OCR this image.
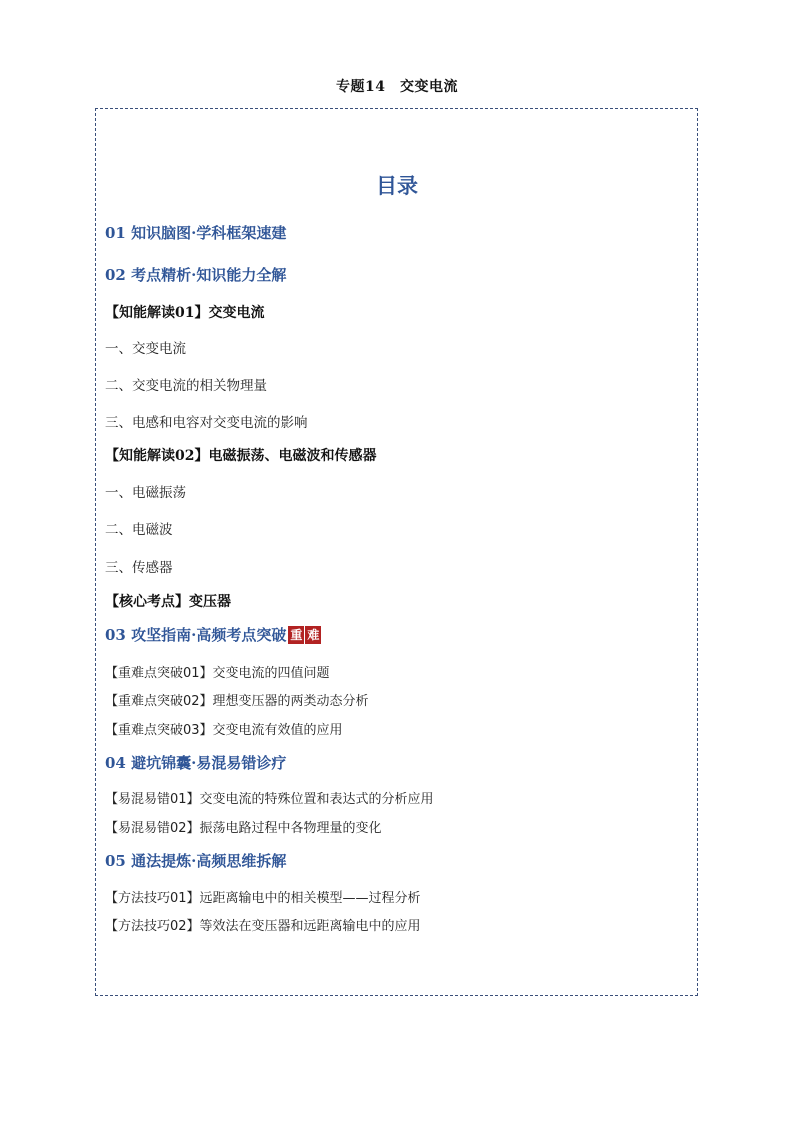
专题14　交变电流
目录
01 知识脑图·学科框架速建
02 考点精析·知识能力全解
【知能解读01】交变电流
一、交变电流
二、交变电流的相关物理量
三、电感和电容对交变电流的影响
【知能解读02】电磁振荡、电磁波和传感器
一、电磁振荡
二、电磁波
三、传感器
【核心考点】变压器
03 攻坚指南·高频考点突破 重 难
【重难点突破01】交变电流的四值问题
【重难点突破02】理想变压器的两类动态分析
【重难点突破03】交变电流有效值的应用
04 避坑锦囊·易混易错诊疗
【易混易错01】交变电流的特殊位置和表达式的分析应用
【易混易错02】振荡电路过程中各物理量的变化
05 通法提炼·高频思维拆解
【方法技巧01】远距离输电中的相关模型——过程分析
【方法技巧02】等效法在变压器和远距离输电中的应用
